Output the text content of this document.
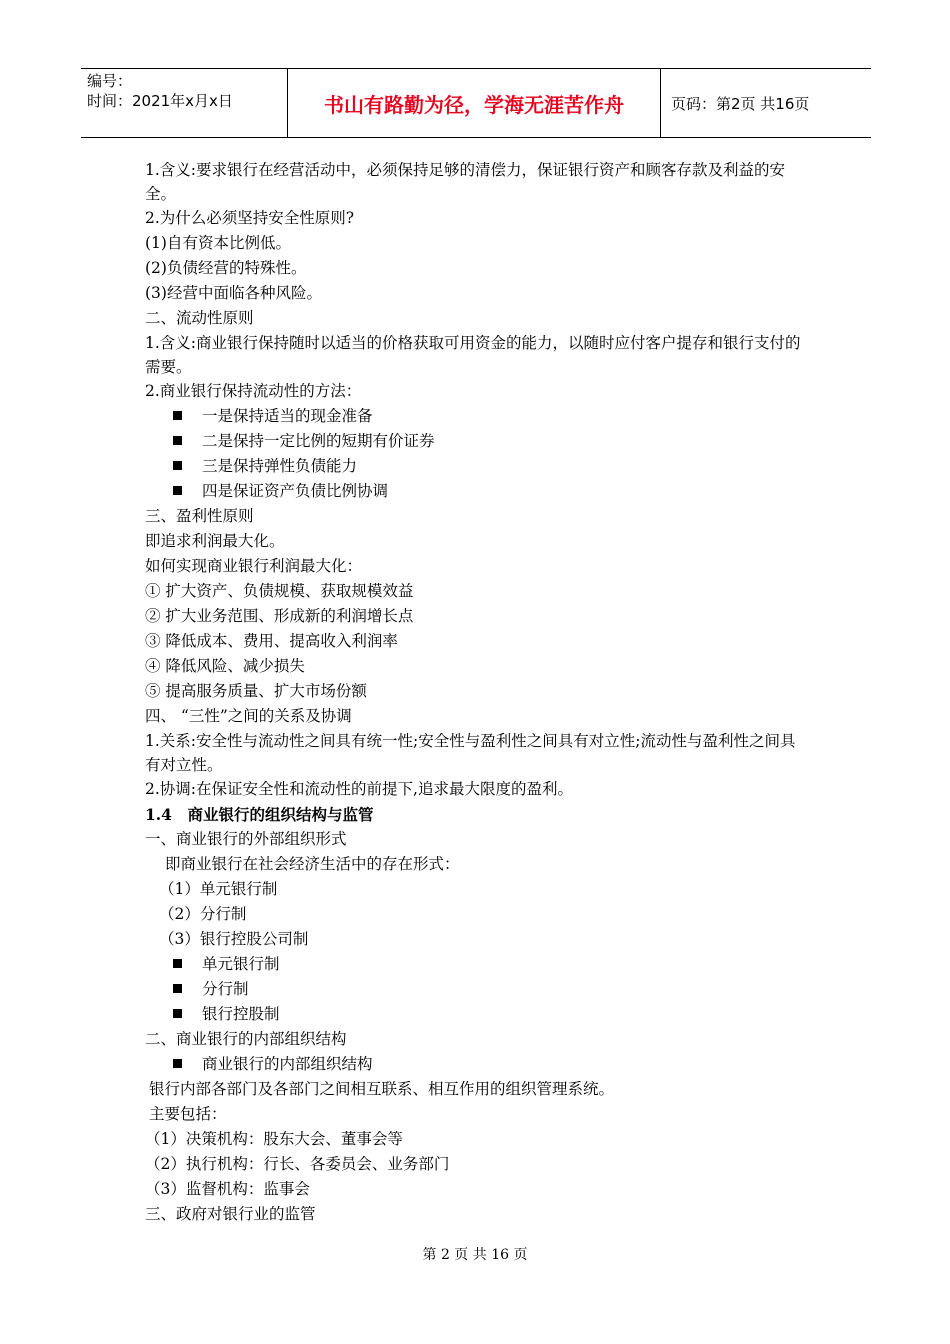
编号：
时间：2021年x月x日	书山有路勤为径，学海无涯苦作舟	页码：第2页 共16页

1.含义:要求银行在经营活动中，必须保持足够的清偿力，保证银行资产和顾客存款及利益的安全。

2.为什么必须坚持安全性原则?

(1)自有资本比例低。

(2)负债经营的特殊性。

(3)经营中面临各种风险。

二、流动性原则

1.含义:商业银行保持随时以适当的价格获取可用资金的能力，以随时应付客户提存和银行支付的需要。

2.商业银行保持流动性的方法：

一是保持适当的现金准备

二是保持一定比例的短期有价证券

三是保持弹性负债能力

四是保证资产负债比例协调

三、盈利性原则

即追求利润最大化。

如何实现商业银行利润最大化：

① 扩大资产、负债规模、获取规模效益

② 扩大业务范围、形成新的利润增长点

③ 降低成本、费用、提高收入利润率

④ 降低风险、减少损失

⑤ 提高服务质量、扩大市场份额

四、 “三性”之间的关系及协调

1.关系:安全性与流动性之间具有统一性;安全性与盈利性之间具有对立性;流动性与盈利性之间具有对立性。

2.协调:在保证安全性和流动性的前提下,追求最大限度的盈利。

1.4　商业银行的组织结构与监管

一、商业银行的外部组织形式

即商业银行在社会经济生活中的存在形式：

（1）单元银行制

（2）分行制

（3）银行控股公司制

单元银行制

分行制

银行控股制

二、商业银行的内部组织结构

商业银行的内部组织结构

银行内部各部门及各部门之间相互联系、相互作用的组织管理系统。

主要包括：

（1）决策机构：股东大会、董事会等

（2）执行机构：行长、各委员会、业务部门

（3）监督机构：监事会

三、政府对银行业的监管

第 2 页 共 16 页
